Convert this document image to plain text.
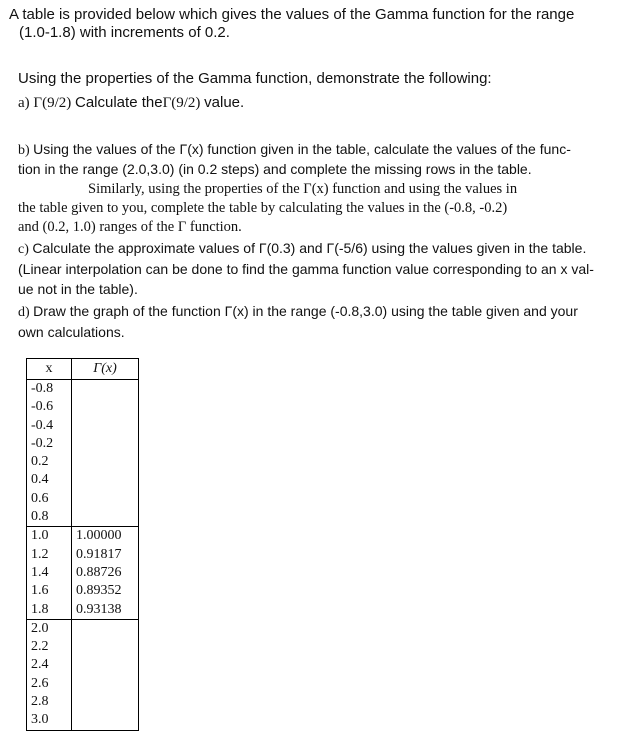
A table is provided below which gives the values of the Gamma function for the range
(1.0-1.8) with increments of 0.2.
Using the properties of the Gamma function, demonstrate the following:
a) Γ(9/2) Calculate theΓ(9/2) value.
b) Using the values of the Γ(x) function given in the table, calculate the values of the func-
tion in the range (2.0,3.0) (in 0.2 steps) and complete the missing rows in the table.
Similarly, using the properties of the Γ(x) function and using the values in
the table given to you, complete the table by calculating the values in the (-0.8, -0.2)
and (0.2, 1.0) ranges of the Γ function.
c) Calculate the approximate values of Γ(0.3) and Γ(-5/6) using the values given in the table.
(Linear interpolation can be done to find the gamma function value corresponding to an x val-
ue not in the table).
d) Draw the graph of the function Γ(x) in the range (-0.8,3.0) using the table given and your
own calculations.
x	Γ(x)
-0.8	
-0.6	
-0.4	
-0.2	
0.2	
0.4	
0.6	
0.8	
1.0	1.00000
1.2	0.91817
1.4	0.88726
1.6	0.89352
1.8	0.93138
2.0	
2.2	
2.4	
2.6	
2.8	
3.0	
